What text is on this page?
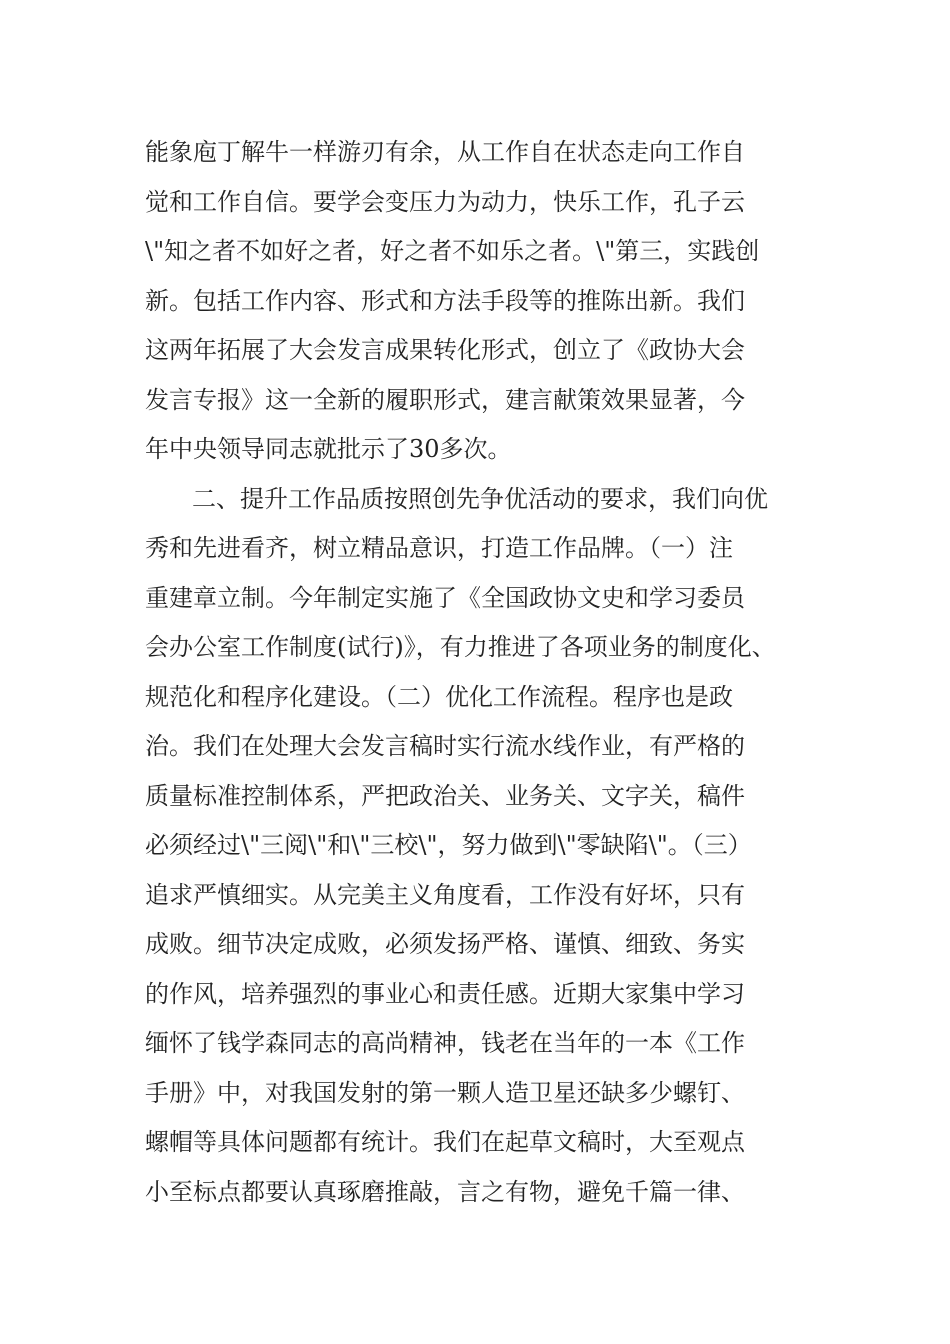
能象庖丁解牛一样游刃有余，从工作自在状态走向工作自
觉和工作自信。要学会变压力为动力，快乐工作，孔子云
\"知之者不如好之者，好之者不如乐之者。\"第三，实践创
新。包括工作内容、形式和方法手段等的推陈出新。我们
这两年拓展了大会发言成果转化形式，创立了《政协大会
发言专报》这一全新的履职形式，建言献策效果显著，今
年中央领导同志就批示了30多次。
二、提升工作品质按照创先争优活动的要求，我们向优
秀和先进看齐，树立精品意识，打造工作品牌。（一）注
重建章立制。今年制定实施了《全国政协文史和学习委员
会办公室工作制度(试行)》，有力推进了各项业务的制度化、
规范化和程序化建设。（二）优化工作流程。程序也是政
治。我们在处理大会发言稿时实行流水线作业，有严格的
质量标准控制体系，严把政治关、业务关、文字关，稿件
必须经过\"三阅\"和\"三校\"，努力做到\"零缺陷\"。（三）
追求严慎细实。从完美主义角度看，工作没有好坏，只有
成败。细节决定成败，必须发扬严格、谨慎、细致、务实
的作风，培养强烈的事业心和责任感。近期大家集中学习
缅怀了钱学森同志的高尚精神，钱老在当年的一本《工作
手册》中，对我国发射的第一颗人造卫星还缺多少螺钉、
螺帽等具体问题都有统计。我们在起草文稿时，大至观点
小至标点都要认真琢磨推敲，言之有物，避免千篇一律、
